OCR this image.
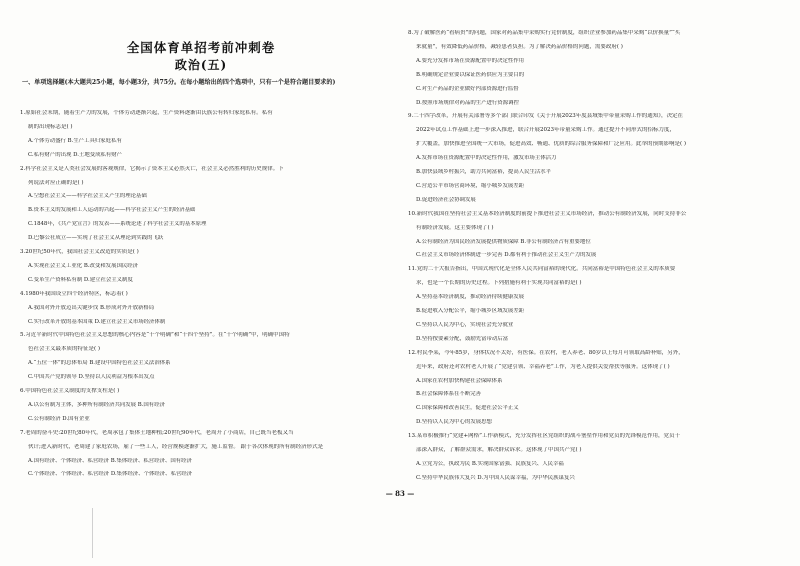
全国体育单招考前冲刺卷
政治(五)
一、单项选择题(本大题共25小题，每小题3分，共75分。在每小题给出的四个选项中，只有一个是符合题目要求的)
1.原始社会末期，随着生产力的发展，个体劳动逐渐兴起，生产资料逐渐由氏族公有转归家庭私有。私有
制的出现标志是( )
A.个体劳动盛行 B.生产工具归家庭私有
C.私有财产的出现 D.土地变成私有财产
2.科学社会主义是人类社会发展的客观规律，它揭示了资本主义必然灭亡，社会主义必然胜利的历史规律。下
列说法对应正确的是( )
A.空想社会主义——科学社会主义产生的理论基础
B.资本主义的发展和工人运动的兴起——科学社会主义产生的经济基础
C.1848年，《共产党宣言》的发表——系统论述了科学社会主义的基本原理
D.巴黎公社成立——实现了社会主义从理论到实践的飞跃
3.20世纪50年代，我国社会主义改造的实质是( )
A.实现社会主义工业化 B.改变和发展国民经济
C.变革生产资料私有制 D.建立社会主义制度
4.1980年我国设立四个经济特区，标志着( )
A.我国对外开放迈出关键步伐 B.形成对外开放新格局
C.实行改革开放的基本国策 D.建立社会主义市场经济体制
5.习近平新时代中国特色社会主义思想的核心内容是“十个明确”和“十四个坚持”。在“十个明确”中，明确中国特
色社会主义最本质的特征是( )
A.“五位一体”的总体布局 B.建设中国特色社会主义法治体系
C.中国共产党的领导 D.坚持以人民利益为根本出发点
6.中国特色社会主义制度的支撑支柱是( )
A.以公有制为主体，多种所有制经济共同发展 B.国有经济
C.公有制经济 D.国有企业
7.老周的奋斗史:20世纪80年代，老周承包了集体土地种植;20世纪90年代，老周开了小商店，自己既当老板又当
伙计;进入新时代，老周建了家庭农场，雇了一些工人，经营规模逐渐扩大，施工监督。 跟于各次体现的所有制经济形式是
A.国有经济、个体经济、私营经济 B.集体经济、私营经济、国有经济
C.个体经济、个体经济、私营经济 D.集体经济、个体经济、私营经济
8.为了破解医药“看病贵”的问题，国家对药品集中采购实行竞价制度，组织企业参加药品集中采购“以价换量”“买
来就量”，有效降低药品价格，减轻患者负担。为了解决药品价格的问题，需要政府( )
A.要充分发挥市场在资源配置中的决定性作用
B.明确规定企业要以保证医药供应为主要目的
C.对生产药品的企业做好内部资源进行监督
D.按照市场规律对药品的生产进行资源调控
9.二十四字改革，开展有关部署等多个部门联合印发《关于开展2023年度县域集中带量采购工作的通知》，决定在
2022年试点工作基础上进一步深入推进，联合开展2023年带量采购工作。通过提升不同形式的招标力度，
扩大覆盖，加快推进全国统一大市场，促进高效、畅通、优质的综合服务保障和广泛应用。此举的预期影响是( )
A.发挥市场在资源配置中的决定性作用，激发市场主体活力
B.加快县域乡村振兴，助力共同富裕，提高人民生活水平
C.营造公平市场营商环境，缩小城乡发展差距
D.促进经济社会协调发展
10.新时代我国在坚持社会主义基本经济制度的前提下推进社会主义市场经济，推动公有制经济发展，同时支持非公
有制经济发展。这主要体现了( )
A.公有制经济为国民经济发展提供物质保障 B.非公有制经济占有重要地位
C.社会主义市场经济体制进一步完善 D.都有利于推动社会主义生产力的发展
11.党的二十大报告指出，中国式现代化是全体人民共同富裕的现代化。共同富裕是中国特色社会主义的本质要
求，也是一个长期的历史过程。下列措施有利于实现共同富裕的是( )
A.坚持基本经济制度，推动经济持续健康发展
B.促进收入分配公平，缩小城乡区域发展差距
C.坚持以人民为中心，实现社会充分就业
D.坚持按要素分配，鼓励先富带动后富
12.村民李某，今年85岁，身体状况不太好，有医保。在农村，老人养老、80岁以上每月可领取高龄补贴，另外，
近年来，政府还对农村老人开展了“党建引领、幸福养老”工作，为老人提供关爱帮扶等服务。这体现了( )
A.国家在农村加快构建社会保障体系
B.社会保障体系在不断完善
C.国家保障和改善民生，促进社会公平正义
D.坚持以人民为中心的发展思想
13.某市积极推行“党建+网格”工作新模式，充分发挥社区党组织的战斗堡垒作用和党员的先锋模范作用，党员干
部深入群众，了解群众需求，解决群众诉求。这体现了中国共产党( )
A.立党为公，执政为民 B.实现国家富强、民族复兴、人民幸福
C.坚持中华民族伟大复兴 D.为中国人民谋幸福，为中华民族谋复兴
— 83 —
